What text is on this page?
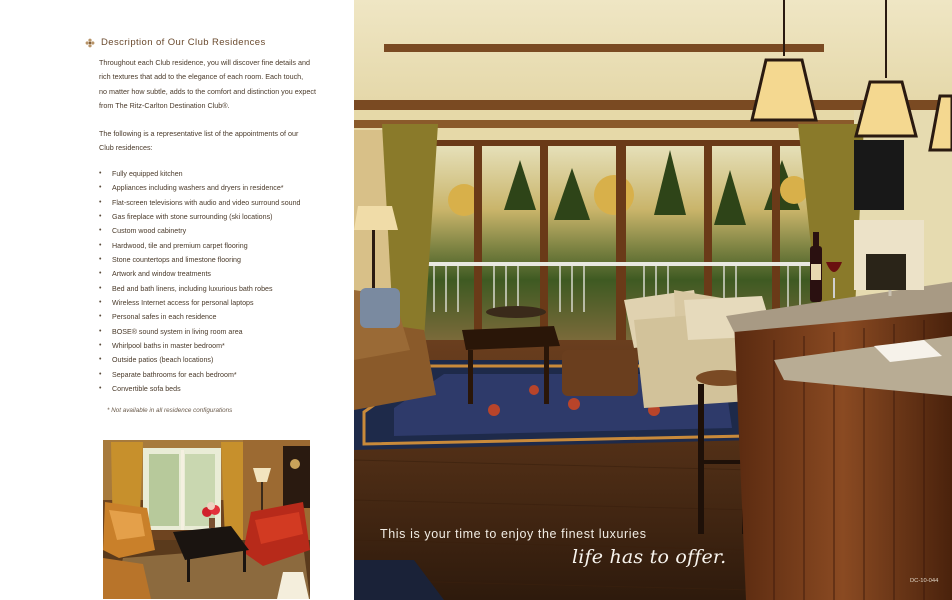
Description of Our Club Residences

Throughout each Club residence, you will discover fine details and
rich textures that add to the elegance of each room. Each touch,
no matter how subtle, adds to the comfort and distinction you expect
from The Ritz-Carlton Destination Club®.

The following is a representative list of the appointments of our
Club residences:

• Fully equipped kitchen
• Appliances including washers and dryers in residence*
• Flat-screen televisions with audio and video surround sound
• Gas fireplace with stone surrounding (ski locations)
• Custom wood cabinetry
• Hardwood, tile and premium carpet flooring
• Stone countertops and limestone flooring
• Artwork and window treatments
• Bed and bath linens, including luxurious bath robes
• Wireless Internet access for personal laptops
• Personal safes in each residence
• BOSE® sound system in living room area
• Whirlpool baths in master bedroom*
• Outside patios (beach locations)
• Separate bathrooms for each bedroom*
• Convertible sofa beds
* Not available in all residence configurations
This is your time to enjoy the finest luxuries
life has to offer.
DC-10-044
